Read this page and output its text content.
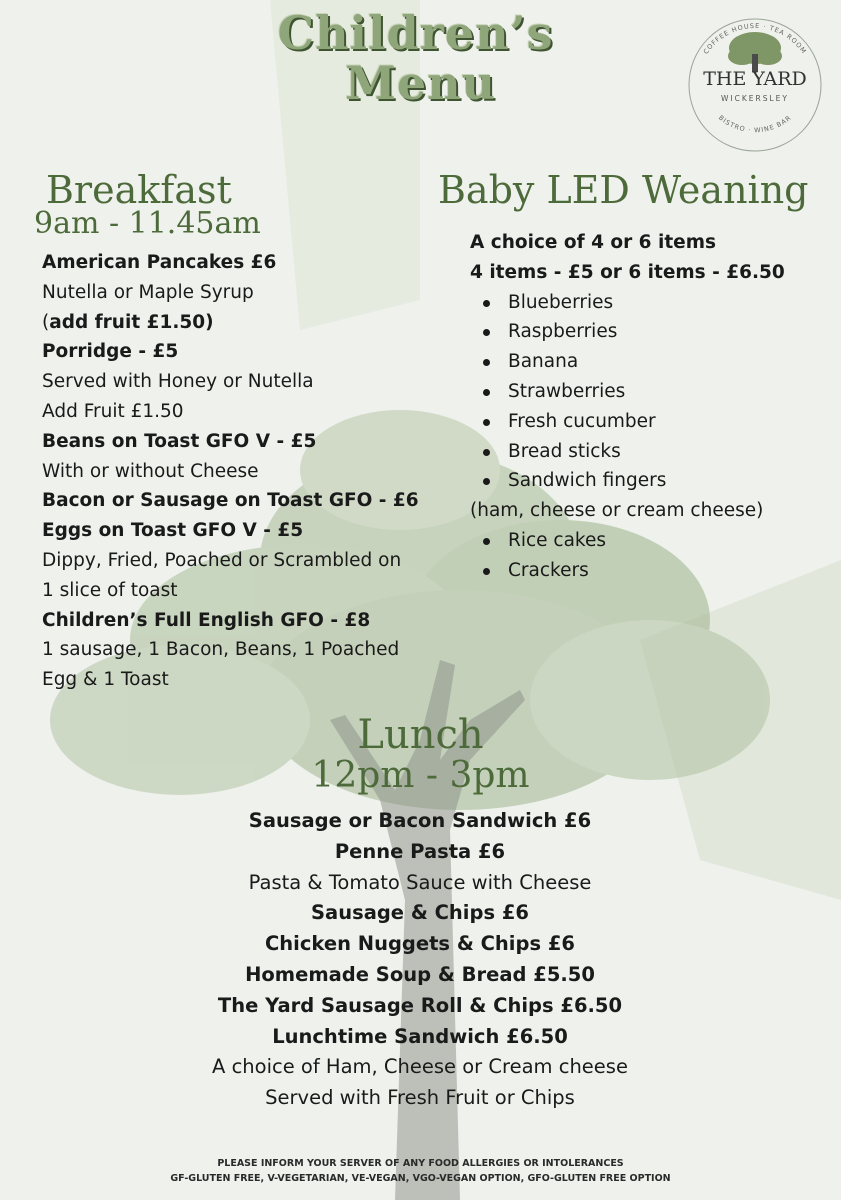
Children’s
Menu	THE YARD
WICKERSLEY
COFFEE HOUSE · TEA ROOM
BISTRO · WINE BAR
Breakfast
9am - 11.45am
American Pancakes £6
Nutella or Maple Syrup
(add fruit £1.50)
Porridge - £5
Served with Honey or Nutella
Add Fruit £1.50
Beans on Toast GFO V - £5
With or without Cheese
Bacon or Sausage on Toast GFO - £6
Eggs on Toast GFO V - £5
Dippy, Fried, Poached or Scrambled on
1 slice of toast
Children’s Full English GFO - £8
1 sausage, 1 Bacon, Beans, 1 Poached
Egg & 1 Toast
Baby LED Weaning
A choice of 4 or 6 items
4 items - £5 or 6 items - £6.50
Blueberries
Raspberries
Banana
Strawberries
Fresh cucumber
Bread sticks
Sandwich fingers
(ham, cheese or cream cheese)
Rice cakes
Crackers
Lunch
12pm - 3pm
Sausage or Bacon Sandwich £6
Penne Pasta £6
Pasta & Tomato Sauce with Cheese
Sausage & Chips £6
Chicken Nuggets & Chips £6
Homemade Soup & Bread £5.50
The Yard Sausage Roll & Chips £6.50
Lunchtime Sandwich £6.50
A choice of Ham, Cheese or Cream cheese
Served with Fresh Fruit or Chips
PLEASE INFORM YOUR SERVER OF ANY FOOD ALLERGIES OR INTOLERANCES
GF-GLUTEN FREE, V-VEGETARIAN, VE-VEGAN, VGO-VEGAN OPTION, GFO-GLUTEN FREE OPTION
